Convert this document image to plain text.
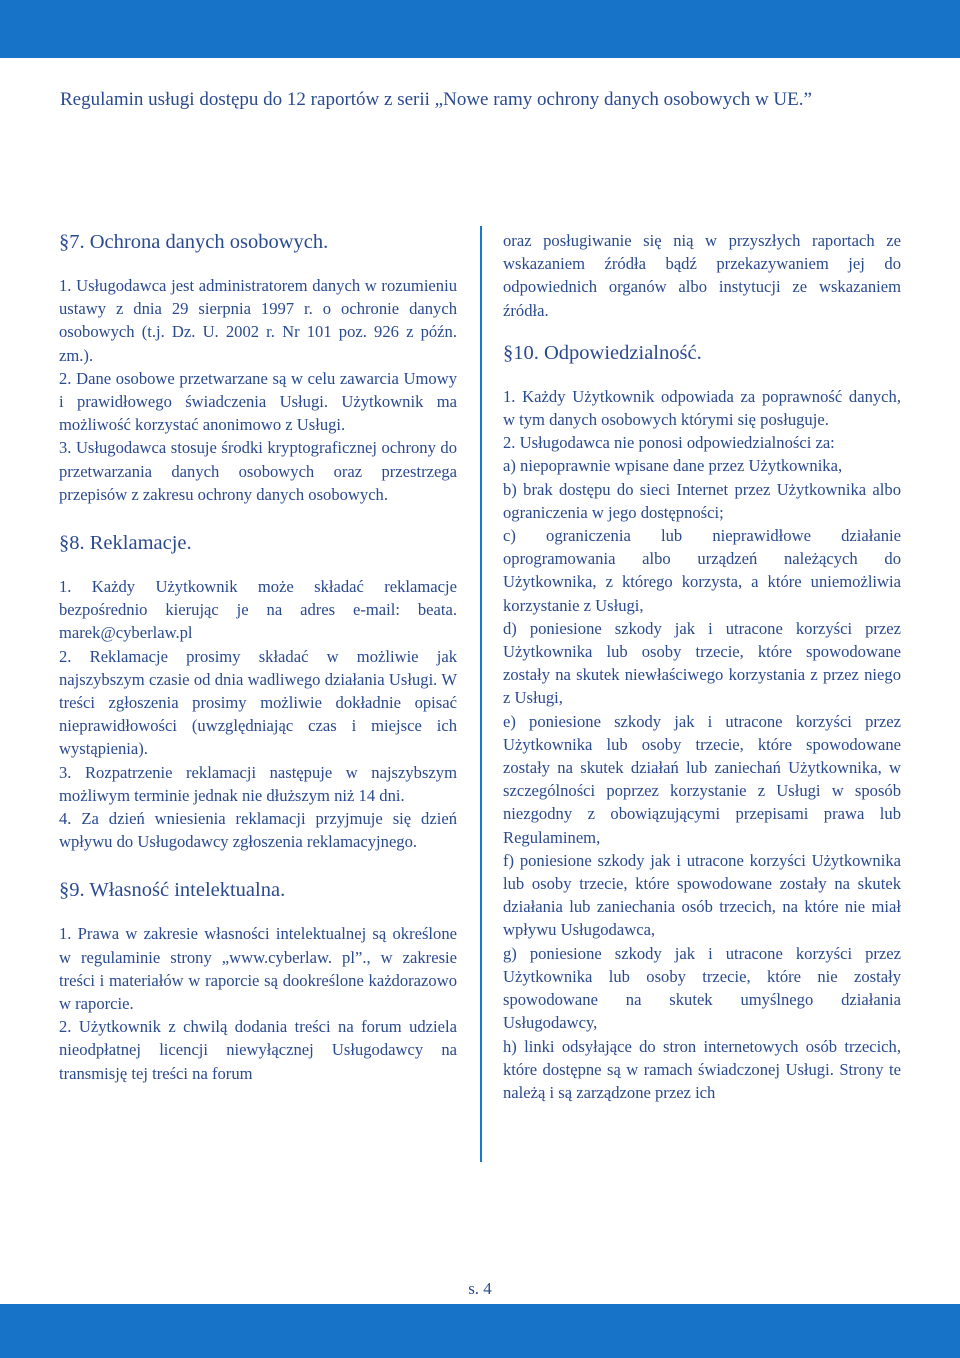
Regulamin usługi dostępu do 12 raportów z serii „Nowe ramy ochrony danych osobowych w UE.”
§7. Ochrona danych osobowych.

1. Usługodawca jest administratorem danych w rozumieniu ustawy z dnia 29 sierpnia 1997 r. o ochronie danych osobowych (t.j. Dz. U. 2002 r. Nr 101 poz. 926 z późn. zm.).

2. Dane osobowe przetwarzane są w celu zawarcia Umowy i prawidłowego świadczenia Usługi. Użytkownik ma możliwość korzystać anonimowo z Usługi.

3. Usługodawca stosuje środki kryptograficznej ochrony do przetwarzania danych osobowych oraz przestrzega przepisów z zakresu ochrony danych osobowych.

§8. Reklamacje.

1. Każdy Użytkownik może składać reklamacje bezpośrednio kierując je na adres e-mail: beata. marek@cyberlaw.pl

2. Reklamacje prosimy składać w możliwie jak najszybszym czasie od dnia wadliwego działania Usługi. W treści zgłoszenia prosimy możliwie dokładnie opisać nieprawidłowości (uwzględniając czas i miejsce ich wystąpienia).

3. Rozpatrzenie reklamacji następuje w najszybszym możliwym terminie jednak nie dłuższym niż 14 dni.

4. Za dzień wniesienia reklamacji przyjmuje się dzień wpływu do Usługodawcy zgłoszenia reklamacyjnego.

§9. Własność intelektualna.

1. Prawa w zakresie własności intelektualnej są określone w regulaminie strony „www.cyberlaw. pl”., w zakresie treści i materiałów w raporcie są dookreślone każdorazowo w raporcie.

2. Użytkownik z chwilą dodania treści na forum udziela nieodpłatnej licencji niewyłącznej Usługodawcy na transmisję tej treści na forum

oraz posługiwanie się nią w przyszłych raportach ze wskazaniem źródła bądź przekazywaniem jej do odpowiednich organów albo instytucji ze wskazaniem źródła.

§10. Odpowiedzialność.

1. Każdy Użytkownik odpowiada za poprawność danych, w tym danych osobowych którymi się posługuje.

2. Usługodawca nie ponosi odpowiedzialności za:

a) niepoprawnie wpisane dane przez Użytkownika,

b) brak dostępu do sieci Internet przez Użytkownika albo ograniczenia w jego dostępności;

c) ograniczenia lub nieprawidłowe działanie oprogramowania albo urządzeń należących do Użytkownika, z którego korzysta, a które uniemożliwia korzystanie z Usługi,

d) poniesione szkody jak i utracone korzyści przez Użytkownika lub osoby trzecie, które spowodowane zostały na skutek niewłaściwego korzystania z przez niego z Usługi,

e) poniesione szkody jak i utracone korzyści przez Użytkownika lub osoby trzecie, które spowodowane zostały na skutek działań lub zaniechań Użytkownika, w szczególności poprzez korzystanie z Usługi w sposób niezgodny z obowiązującymi przepisami prawa lub Regulaminem,

f) poniesione szkody jak i utracone korzyści Użytkownika lub osoby trzecie, które spowodowane zostały na skutek działania lub zaniechania osób trzecich, na które nie miał wpływu Usługodawca,

g) poniesione szkody jak i utracone korzyści przez Użytkownika lub osoby trzecie, które nie zostały spowodowane na skutek umyślnego działania Usługodawcy,

h) linki odsyłające do stron internetowych osób trzecich, które dostępne są w ramach świadczonej Usługi. Strony te należą i są zarządzone przez ich

s. 4
